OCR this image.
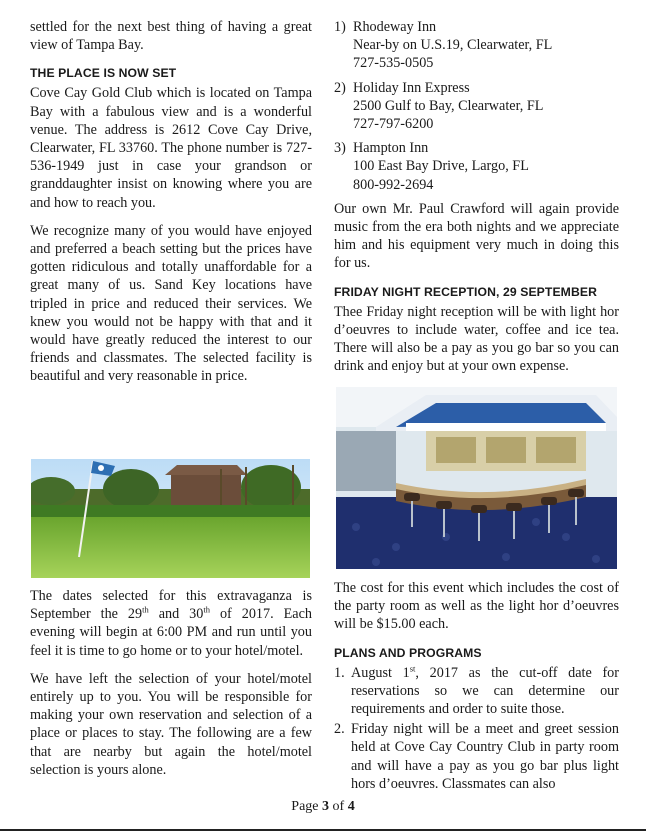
settled for the next best thing of having a great view of Tampa Bay.

THE PLACE IS NOW SET

Cove Cay Gold Club which is located on Tampa Bay with a fabulous view and is a wonderful venue. The address is 2612 Cove Cay Drive, Clearwater, FL 33760. The phone number is 727-536-1949 just in case your grandson or granddaughter insist on knowing where you are and how to reach you.

We recognize many of you would have enjoyed and preferred a beach setting but the prices have gotten ridiculous and totally unaffordable for a great many of us. Sand Key locations have tripled in price and reduced their services. We knew you would not be happy with that and it would have greatly reduced the interest to our friends and classmates. The selected facility is beautiful and very reasonable in price.

The dates selected for this extravaganza is September the 29th and 30th of 2017. Each evening will begin at 6:00 PM and run until you feel it is time to go home or to your hotel/motel.

We have left the selection of your hotel/motel entirely up to you. You will be responsible for making your own reservation and selection of a place or places to stay. The following are a few that are nearby but again the hotel/motel selection is yours alone.

1) Rhodeway Inn
Near-by on U.S.19, Clearwater, FL
727-535-0505
2) Holiday Inn Express
2500 Gulf to Bay, Clearwater, FL
727-797-6200
3) Hampton Inn
100 East Bay Drive, Largo, FL
800-992-2694

Our own Mr. Paul Crawford will again provide music from the era both nights and we appreciate him and his equipment very much in doing this for us.

FRIDAY NIGHT RECEPTION, 29 SEPTEMBER

Thee Friday night reception will be with light hor d’oeuvres to include water, coffee and ice tea. There will also be a pay as you go bar so you can drink and enjoy but at your own expense.

The cost for this event which includes the cost of the party room as well as the light hor d’oeuvres will be $15.00 each.

PLANS AND PROGRAMS
1. August 1st, 2017 as the cut-off date for reservations so we can determine our requirements and order to suite those.
2. Friday night will be a meet and greet session held at Cove Cay Country Club in party room and will have a pay as you go bar plus light hors d’oeuvres. Classmates can also
Page 3 of 4
